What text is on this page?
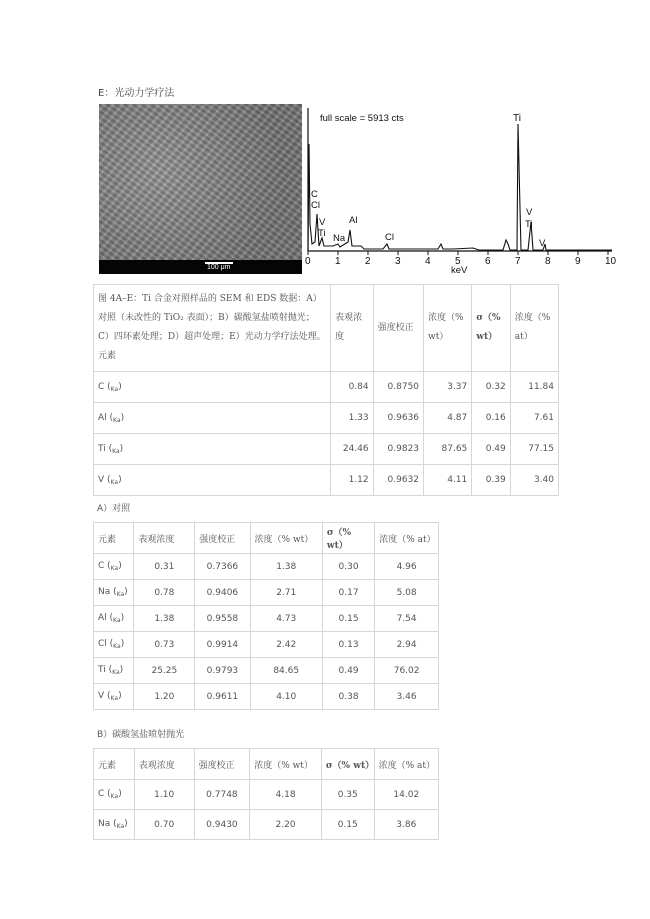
E：光动力学疗法
100 μm
0 1 2 3 4 5 6 7 8 9 10
full scale = 5913 cts	Ti
C
Cl
V
Ti Na
Al
Cl
V
Ti
V
keV
图 4A–E：Ti 合金对照样品的 SEM 和 EDS 数据：A）对照（未改性的 TiO₂ 表面）；B）碳酸氢盐喷射抛光；C）四环素处理；D）超声处理；E）光动力学疗法处理。元素	表观浓度	强度校正	浓度（% wt）	σ（% wt）	浓度（% at）
C $(_{Ka})$	0.84	0.8750	3.37	0.32	11.84
Al $(_{Ka})$	1.33	0.9636	4.87	0.16	7.61
Ti $(_{Ka})$	24.46	0.9823	87.65	0.49	77.15
V $(_{Ka})$	1.12	0.9632	4.11	0.39	3.40
A）对照
元素	表观浓度	强度校正	浓度（% wt）	σ（% wt）	浓度（% at）
C $(_{Ka})$	0.31	0.7366	1.38	0.30	4.96
Na $(_{Ka})$	0.78	0.9406	2.71	0.17	5.08
Al $(_{Ka})$	1.38	0.9558	4.73	0.15	7.54
Cl $(_{Ka})$	0.73	0.9914	2.42	0.13	2.94
Ti $(_{Ka})$	25.25	0.9793	84.65	0.49	76.02
V $(_{Ka})$	1.20	0.9611	4.10	0.38	3.46
B）碳酸氢盐喷射抛光
元素	表观浓度	强度校正	浓度（% wt）	σ（% wt）	浓度（% at）
C $(_{Ka})$	1.10	0.7748	4.18	0.35	14.02
Na $(_{Ka})$	0.70	0.9430	2.20	0.15	3.86
